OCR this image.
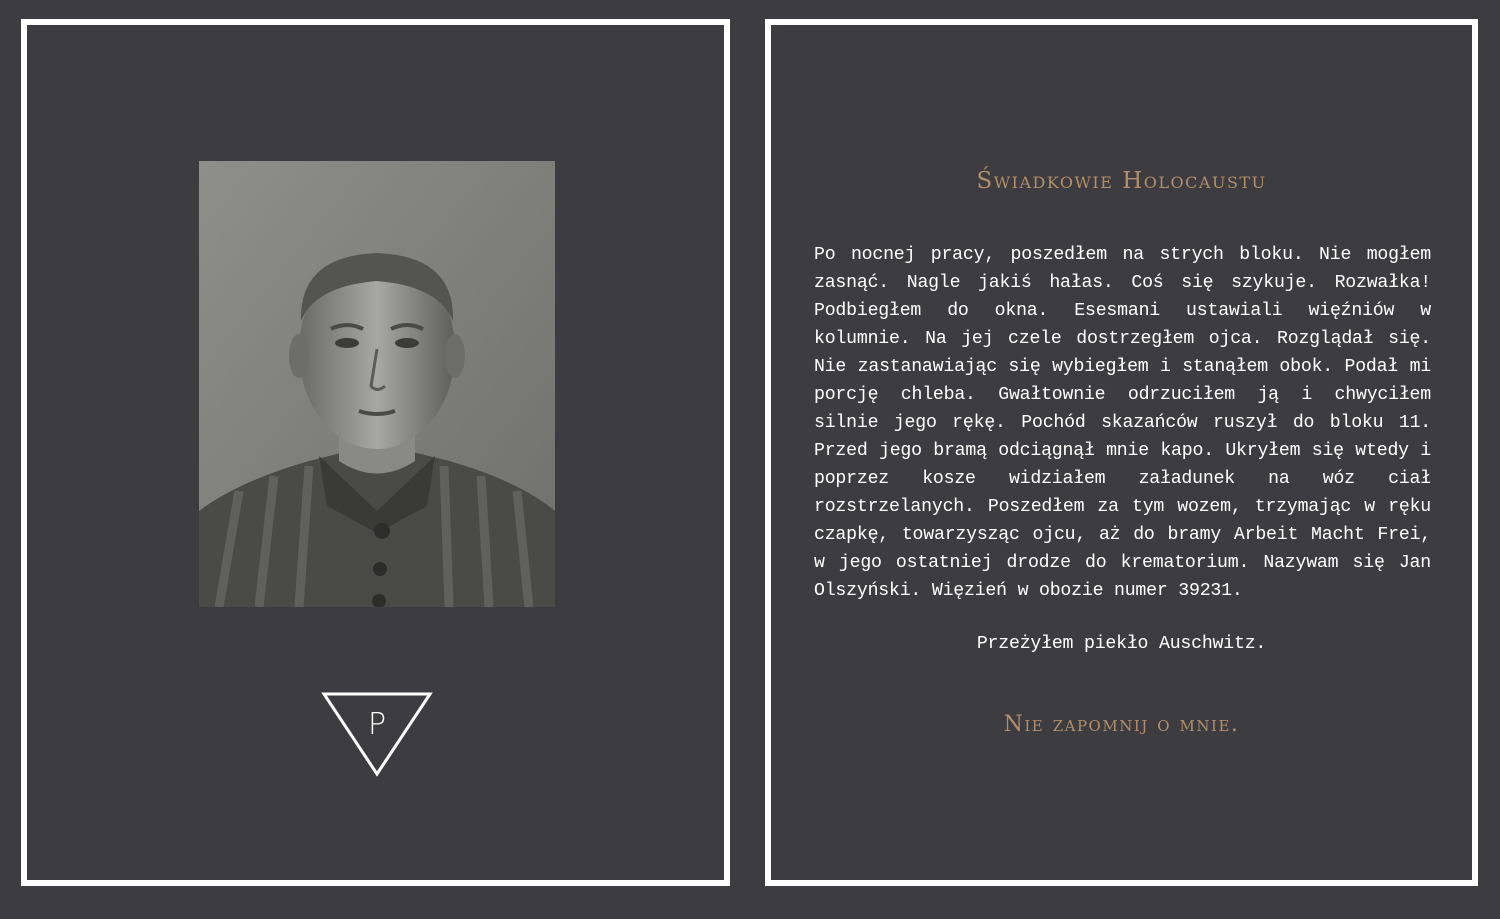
P
Świadkowie Holocaustu
Po nocnej pracy, poszedłem na strych bloku. Nie mogłem zasnąć. Nagle jakiś hałas. Coś się szykuje. Rozwałka! Podbiegłem do okna. Esesmani ustawiali więźniów w kolumnie. Na jej czele dostrzegłem ojca. Rozglądał się. Nie zastanawiając się wybiegłem i stanąłem obok. Podał mi porcję chleba. Gwałtownie odrzuciłem ją i chwyciłem silnie jego rękę. Pochód skazańców ruszył do bloku 11. Przed jego bramą odciągnął mnie kapo. Ukryłem się wtedy i poprzez kosze widziałem załadunek na wóz ciał rozstrzelanych. Poszedłem za tym wozem, trzymając w ręku czapkę, towarzysząc ojcu, aż do bramy Arbeit Macht Frei, w jego ostatniej drodze do krematorium. Nazywam się Jan Olszyński. Więzień w obozie numer 39231.
Przeżyłem piekło Auschwitz.
Nie zapomnij o mnie.
